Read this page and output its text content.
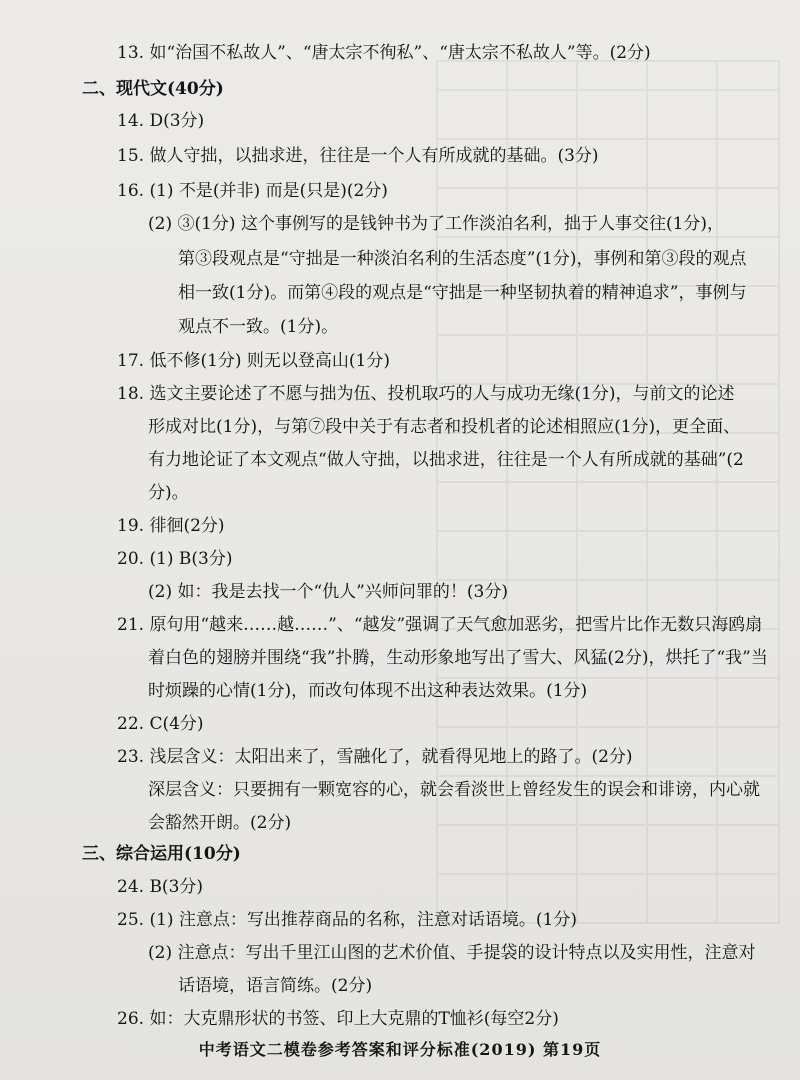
13. 如“治国不私故人”、“唐太宗不徇私”、“唐太宗不私故人”等。(2分)
二、现代文(40分)
14. D(3分)
15. 做人守拙，以拙求进，往往是一个人有所成就的基础。(3分)
16. (1) 不是(并非) 而是(只是)(2分)
(2) ③(1分) 这个事例写的是钱钟书为了工作淡泊名利，拙于人事交往(1分)，
第③段观点是“守拙是一种淡泊名利的生活态度”(1分)，事例和第③段的观点
相一致(1分)。而第④段的观点是“守拙是一种坚韧执着的精神追求”，事例与
观点不一致。(1分)。
17. 低不修(1分) 则无以登高山(1分)
18. 选文主要论述了不愿与拙为伍、投机取巧的人与成功无缘(1分)，与前文的论述
形成对比(1分)，与第⑦段中关于有志者和投机者的论述相照应(1分)，更全面、
有力地论证了本文观点“做人守拙，以拙求进，往往是一个人有所成就的基础”(2
分)。
19. 徘徊(2分)
20. (1) B(3分)
(2) 如：我是去找一个“仇人”兴师问罪的！(3分)
21. 原句用“越来……越……”、“越发”强调了天气愈加恶劣，把雪片比作无数只海鸥扇
着白色的翅膀并围绕“我”扑腾，生动形象地写出了雪大、风猛(2分)，烘托了“我”当
时烦躁的心情(1分)，而改句体现不出这种表达效果。(1分)
22. C(4分)
23. 浅层含义：太阳出来了，雪融化了，就看得见地上的路了。(2分)
深层含义：只要拥有一颗宽容的心，就会看淡世上曾经发生的误会和诽谤，内心就
会豁然开朗。(2分)
三、综合运用(10分)
24. B(3分)
25. (1) 注意点：写出推荐商品的名称，注意对话语境。(1分)
(2) 注意点：写出千里江山图的艺术价值、手提袋的设计特点以及实用性，注意对
话语境，语言简练。(2分)
26. 如：大克鼎形状的书签、印上大克鼎的T恤衫(每空2分)
中考语文二模卷参考答案和评分标准(2019) 第19页
